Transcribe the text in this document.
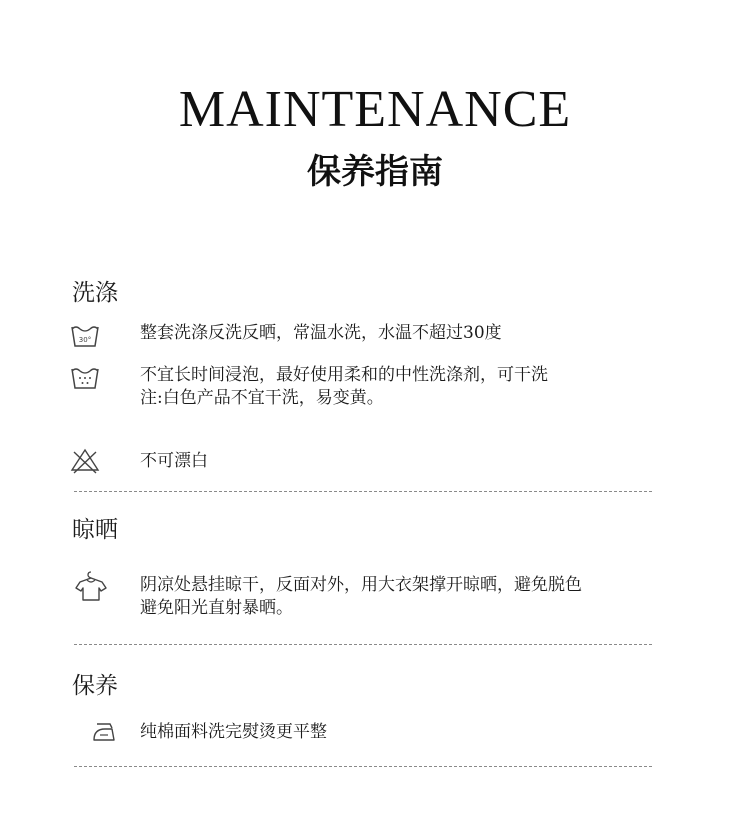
MAINTENANCE
保养指南
洗涤
30°	整套洗涤反洗反晒，常温水洗，水温不超过30度
不宜长时间浸泡，最好使用柔和的中性洗涤剂，可干洗
注:白色产品不宜干洗，易变黄。
不可漂白
晾晒
阴凉处悬挂晾干，反面对外，用大衣架撑开晾晒，避免脱色
避免阳光直射暴晒。
保养
纯棉面料洗完熨烫更平整
